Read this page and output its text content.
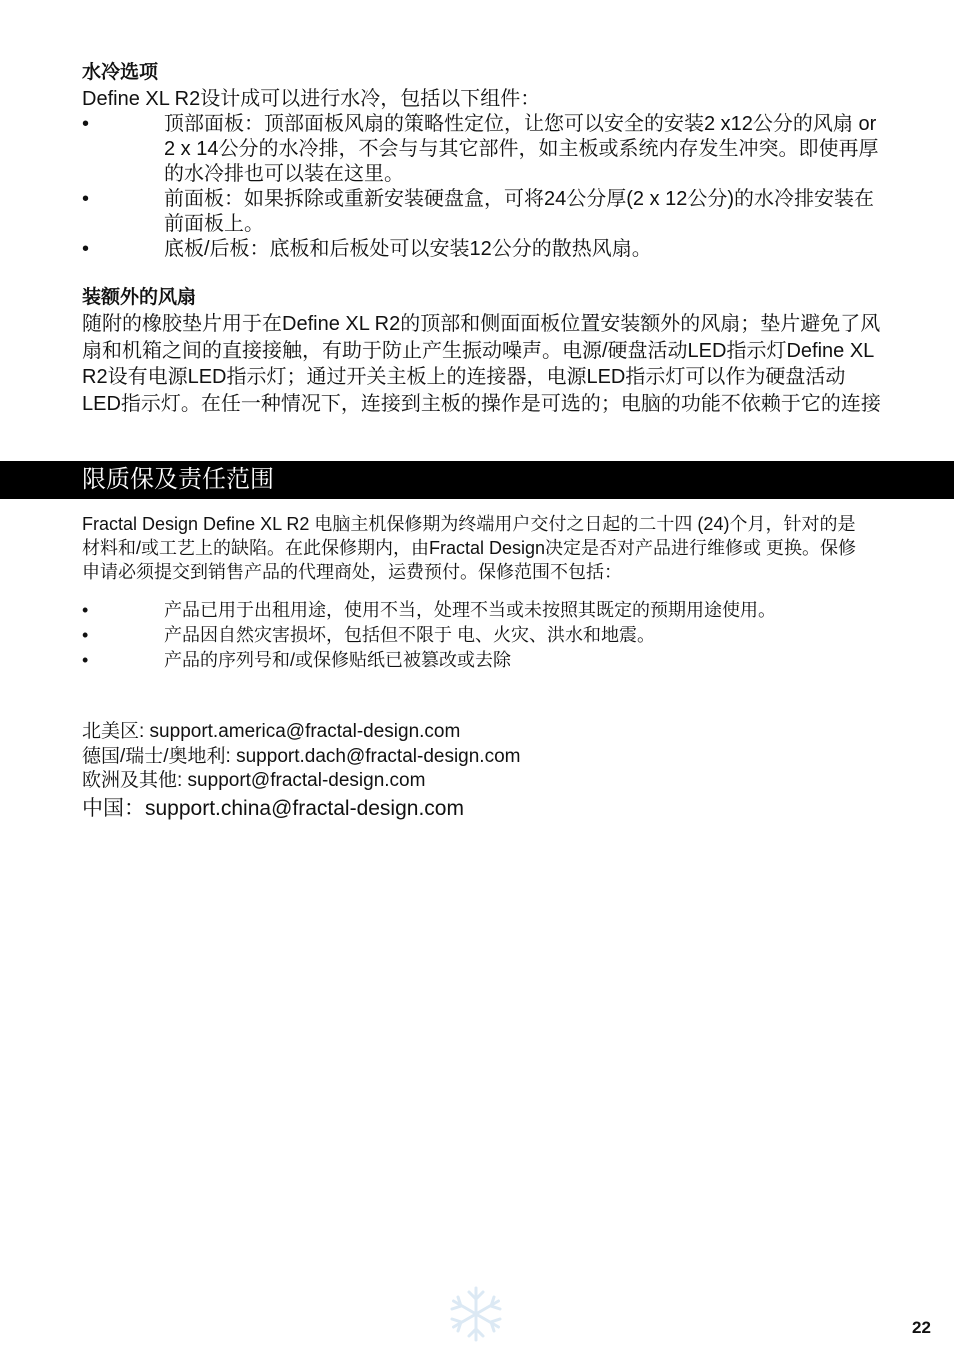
水冷选项

Define XL R2设计成可以进行水冷，包括以下组件：

•	顶部面板：顶部面板风扇的策略性定位，让您可以安全的安装2 x12公分的风扇 or 2 x 14公分的水冷排，不会与与其它部件，如主板或系统内存发生冲突。即使再厚的水冷排也可以装在这里。
•	前面板：如果拆除或重新安装硬盘盒，可将24公分厚(2 x 12公分)的水冷排安装在前面板上。
•	底板/后板：底板和后板处可以安装12公分的散热风扇。

装额外的风扇

随附的橡胶垫片用于在Define XL R2的顶部和侧面面板位置安装额外的风扇；垫片避免了风扇和机箱之间的直接接触，有助于防止产生振动噪声。电源/硬盘活动LED指示灯Define XL R2设有电源LED指示灯；通过开关主板上的连接器，电源LED指示灯可以作为硬盘活动LED指示灯。在任一种情况下，连接到主板的操作是可选的；电脑的功能不依赖于它的连接

限质保及责任范围

Fractal Design Define XL R2 电脑主机保修期为终端用户交付之日起的二十四 (24)个月，针对的是材料和/或工艺上的缺陷。在此保修期内，由Fractal Design决定是否对产品进行维修或 更换。保修申请必须提交到销售产品的代理商处，运费预付。保修范围不包括：

•	产品已用于出租用途，使用不当，处理不当或未按照其既定的预期用途使用。
•	产品因自然灾害损坏，包括但不限于 电、火灾、洪水和地震。
•	产品的序列号和/或保修贴纸已被篡改或去除

北美区: support.america@fractal-design.com

德国/瑞士/奥地利: support.dach@fractal-design.com

欧洲及其他: support@fractal-design.com

中国：support.china@fractal-design.com

22
